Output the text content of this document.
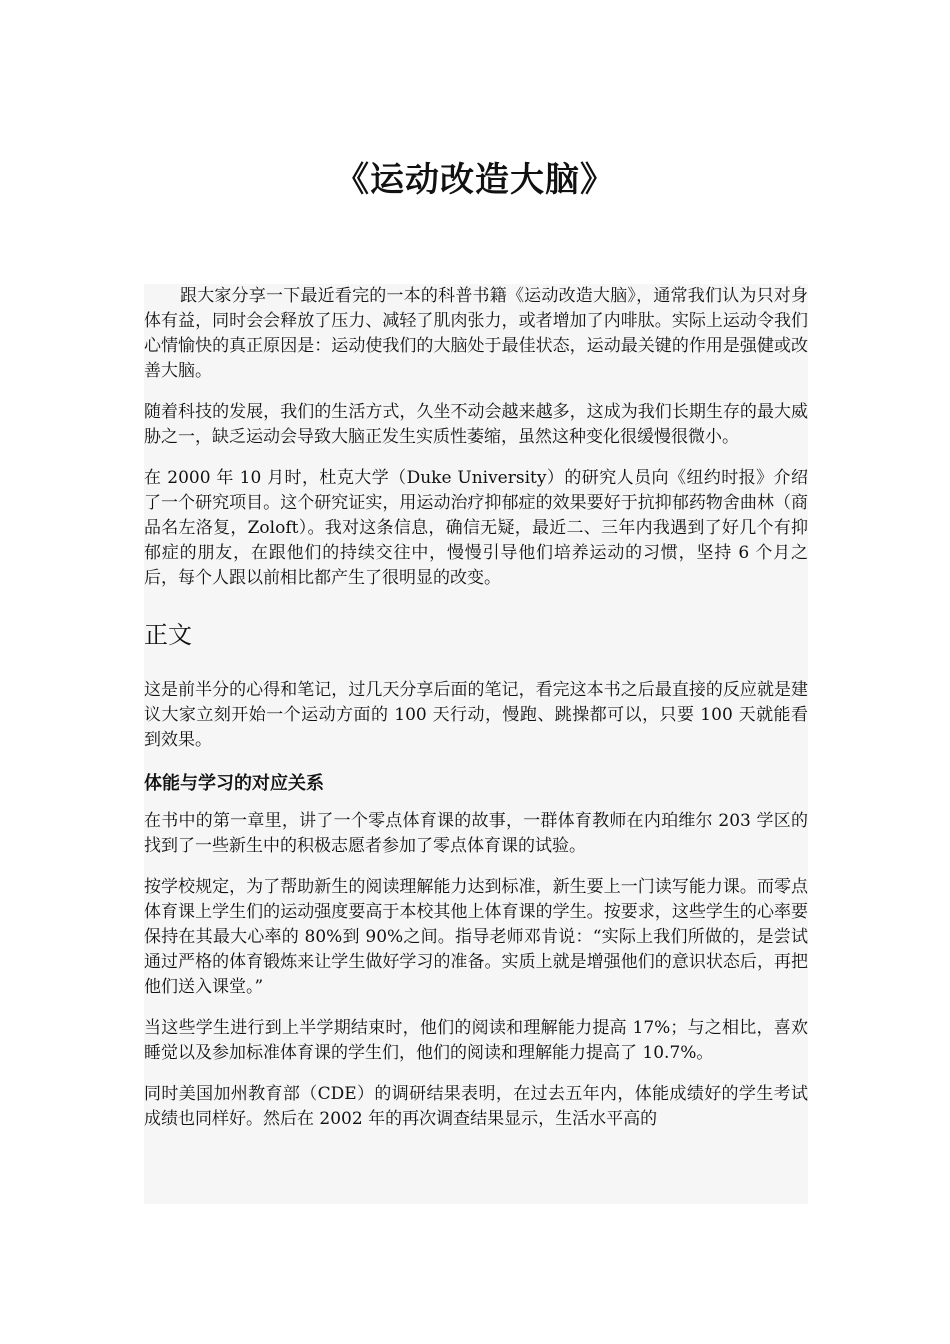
《运动改造大脑》

跟大家分享一下最近看完的一本的科普书籍《运动改造大脑》，通常我们认为只对身体有益，同时会会释放了压力、减轻了肌肉张力，或者增加了内啡肽。实际上运动令我们心情愉快的真正原因是：运动使我们的大脑处于最佳状态，运动最关键的作用是强健或改善大脑。

随着科技的发展，我们的生活方式，久坐不动会越来越多，这成为我们长期生存的最大威胁之一，缺乏运动会导致大脑正发生实质性萎缩，虽然这种变化很缓慢很微小。

在 2000 年 10 月时，杜克大学（Duke University）的研究人员向《纽约时报》介绍了一个研究项目。这个研究证实，用运动治疗抑郁症的效果要好于抗抑郁药物舍曲林（商品名左洛复，Zoloft）。我对这条信息，确信无疑，最近二、三年内我遇到了好几个有抑郁症的朋友，在跟他们的持续交往中，慢慢引导他们培养运动的习惯，坚持 6 个月之后，每个人跟以前相比都产生了很明显的改变。

正文

这是前半分的心得和笔记，过几天分享后面的笔记，看完这本书之后最直接的反应就是建议大家立刻开始一个运动方面的 100 天行动，慢跑、跳操都可以，只要 100 天就能看到效果。

体能与学习的对应关系

在书中的第一章里，讲了一个零点体育课的故事，一群体育教师在内珀维尔 203 学区的找到了一些新生中的积极志愿者参加了零点体育课的试验。

按学校规定，为了帮助新生的阅读理解能力达到标准，新生要上一门读写能力课。而零点体育课上学生们的运动强度要高于本校其他上体育课的学生。按要求，这些学生的心率要保持在其最大心率的 80%到 90%之间。指导老师邓肯说：“实际上我们所做的，是尝试通过严格的体育锻炼来让学生做好学习的准备。实质上就是增强他们的意识状态后，再把他们送入课堂。”

当这些学生进行到上半学期结束时，他们的阅读和理解能力提高 17%；与之相比，喜欢睡觉以及参加标准体育课的学生们，他们的阅读和理解能力提高了 10.7%。

同时美国加州教育部（CDE）的调研结果表明，在过去五年内，体能成绩好的学生考试成绩也同样好。然后在 2002 年的再次调查结果显示，生活水平高的
